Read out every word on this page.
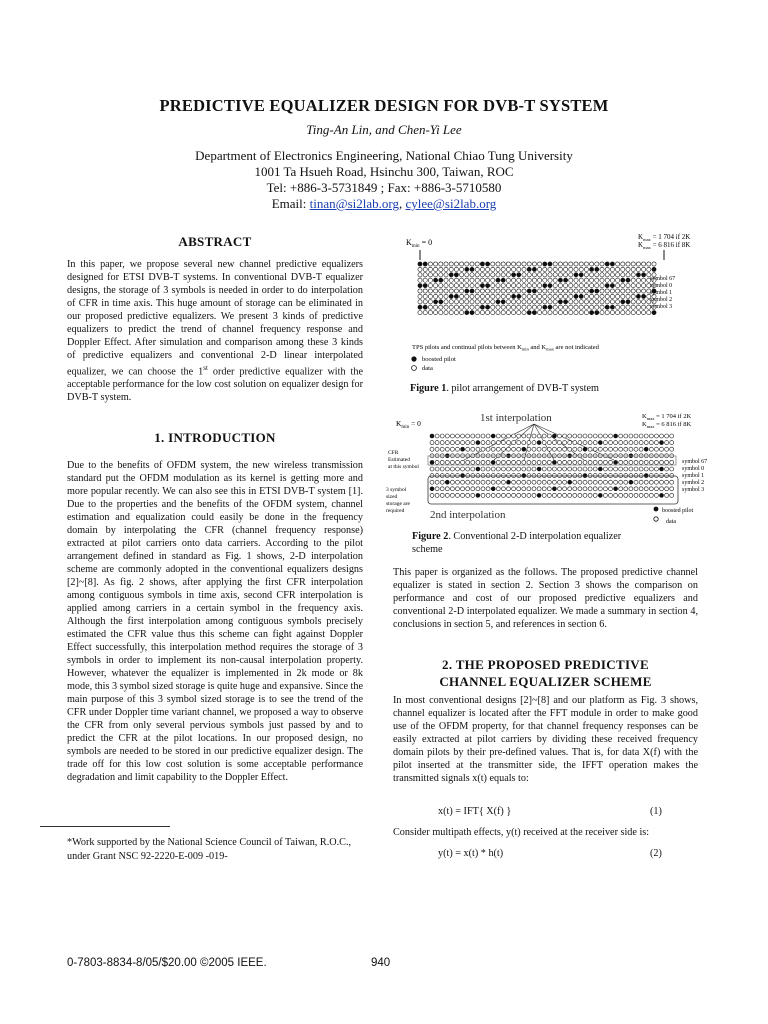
PREDICTIVE EQUALIZER DESIGN FOR DVB-T SYSTEM
Ting-An Lin, and Chen-Yi Lee
Department of Electronics Engineering, National Chiao Tung University
1001 Ta Hsueh Road, Hsinchu 300, Taiwan, ROC
Tel: +886-3-5731849 ; Fax: +886-3-5710580
Email: tinan@si2lab.org, cylee@si2lab.org
ABSTRACT

In this paper, we propose several new channel predictive equalizers designed for ETSI DVB-T systems. In conventional DVB-T equalizer designs, the storage of 3 symbols is needed in order to do interpolation of CFR in time axis. This huge amount of storage can be eliminated in our proposed predictive equalizers. We present 3 kinds of predictive equalizers to predict the trend of channel frequency response and Doppler Effect. After simulation and comparison among these 3 kinds of predictive equalizers and conventional 2-D linear interpolated equalizer, we can choose the 1st order predictive equalizer with the acceptable performance for the low cost solution on equalizer design for DVB-T system.

1. INTRODUCTION

Due to the benefits of OFDM system, the new wireless transmission standard put the OFDM modulation as its kernel is getting more and more popular recently. We can also see this in ETSI DVB-T system [1]. Due to the properties and the benefits of the OFDM system, channel estimation and equalization could easily be done in the frequency domain by interpolating the CFR (channel frequency response) extracted at pilot carriers onto data carriers. According to the pilot arrangement defined in standard as Fig. 1 shows, 2-D interpolation scheme are commonly adopted in the conventional equalizers designs [2]~[8]. As fig. 2 shows, after applying the first CFR interpolation among contiguous symbols in time axis, second CFR interpolation is applied among carriers in a certain symbol in the frequency axis. Although the first interpolation among contiguous symbols precisely estimated the CFR value thus this scheme can fight against Doppler Effect successfully, this interpolation method requires the storage of 3 symbols in order to implement its non-causal interpolation property. However, whatever the equalizer is implemented in 2k mode or 8k mode, this 3 symbol sized storage is quite huge and expansive. Since the main purpose of this 3 symbol sized storage is to see the trend of the CFR under Doppler time variant channel, we proposed a way to observe the CFR from only several pervious symbols just passed by and to predict the CFR at the pilot locations. In our proposed design, no symbols are needed to be stored in our predictive equalizer design. The trade off for this low cost solution is some acceptable performance degradation and limit capability to the Doppler Effect.

*Work supported by the National Science Council of Taiwan, R.O.C., under Grant NSC 92-2220-E-009 -019-
0-7803-8834-8/05/$20.00 ©2005 IEEE.	940
$K_{min} = 0$
$K_{max} = 1$ 704 if 2K
$K_{max} = 6$ 816 if 8K
symbol 67
symbol 0
symbol 1
symbol 2
symbol 3
TPS pilots and continual pilots between $K_{min}$ and $K_{max}$ are not indicated
boosted pilot
data
Figure 1. pilot arrangement of DVB-T system
1st interpolation
$K_{min} = 0$
$K_{max} = 1$ 704 if 2K
$K_{max} = 6$ 816 if 8K
CFR
Estimated
at this symbol
3 symbol
sized
storage are
required
symbol 67
symbol 0
symbol 1
symbol 2
symbol 3
2nd interpolation	boosted pilot
data
Figure 2. Conventional 2-D interpolation equalizer
scheme

This paper is organized as the follows. The proposed predictive channel equalizer is stated in section 2. Section 3 shows the comparison on performance and cost of our proposed predictive equalizers and conventional 2-D interpolated equalizer. We made a summary in section 4, conclusions in section 5, and references in section 6.

2. THE PROPOSED PREDICTIVE
CHANNEL EQUALIZER SCHEME

In most conventional designs [2]~[8] and our platform as Fig. 3 shows, channel equalizer is located after the FFT module in order to make good use of the OFDM property, for that channel frequency responses can be easily extracted at pilot carriers by dividing these received frequency domain pilots by their pre-defined values. That is, for data X(f) with the pilot inserted at the transmitter side, the IFFT operation makes the transmitted signals x(t) equals to:

x(t) = IFT{ X(f) }	(1)
Consider multipath effects, y(t) received at the receiver side is:
y(t) = x(t) * h(t)	(2)
